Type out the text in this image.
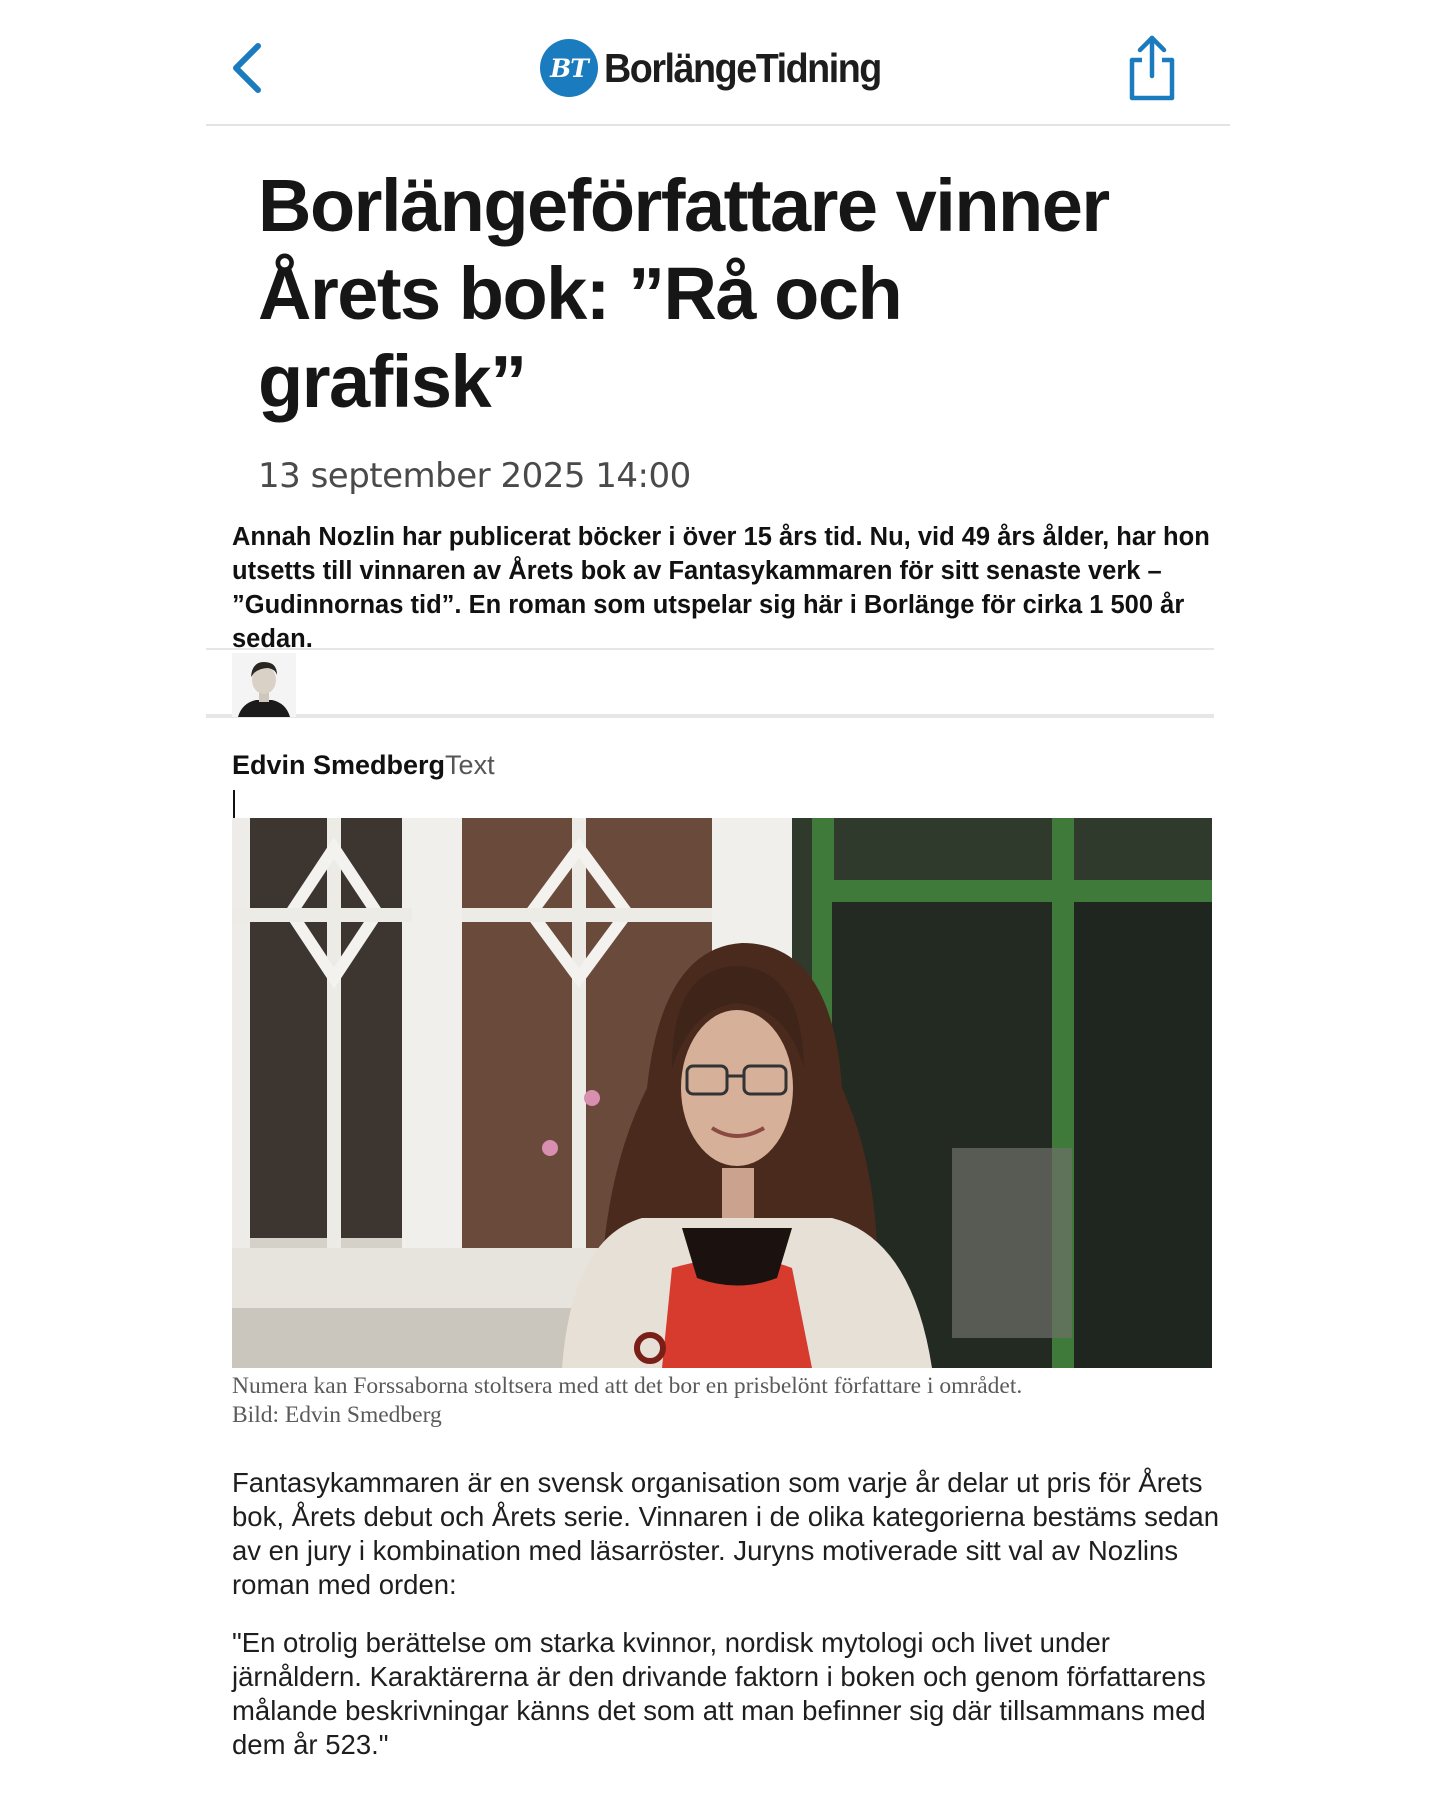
BT BorlängeTidning
Borlängeförfattare vinner Årets bok: ”Rå och grafisk”
13 september 2025 14:00

Annah Nozlin har publicerat böcker i över 15 års tid. Nu, vid 49 års ålder, har hon utsetts till vinnaren av Årets bok av Fantasykammaren för sitt senaste verk – ”Gudinnornas tid”. En roman som utspelar sig här i Borlänge för cirka 1 500 år sedan.

Edvin SmedbergText
Numera kan Forssaborna stoltsera med att det bor en prisbelönt författare i området.
Bild: Edvin Smedberg

Fantasykammaren är en svensk organisation som varje år delar ut pris för Årets bok, Årets debut och Årets serie. Vinnaren i de olika kategorierna bestäms sedan av en jury i kombination med läsarröster. Juryns motiverade sitt val av Nozlins roman med orden:

"En otrolig berättelse om starka kvinnor, nordisk mytologi och livet under järnåldern. Karaktärerna är den drivande faktorn i boken och genom författarens målande beskrivningar känns det som att man befinner sig där tillsammans med dem år 523."
